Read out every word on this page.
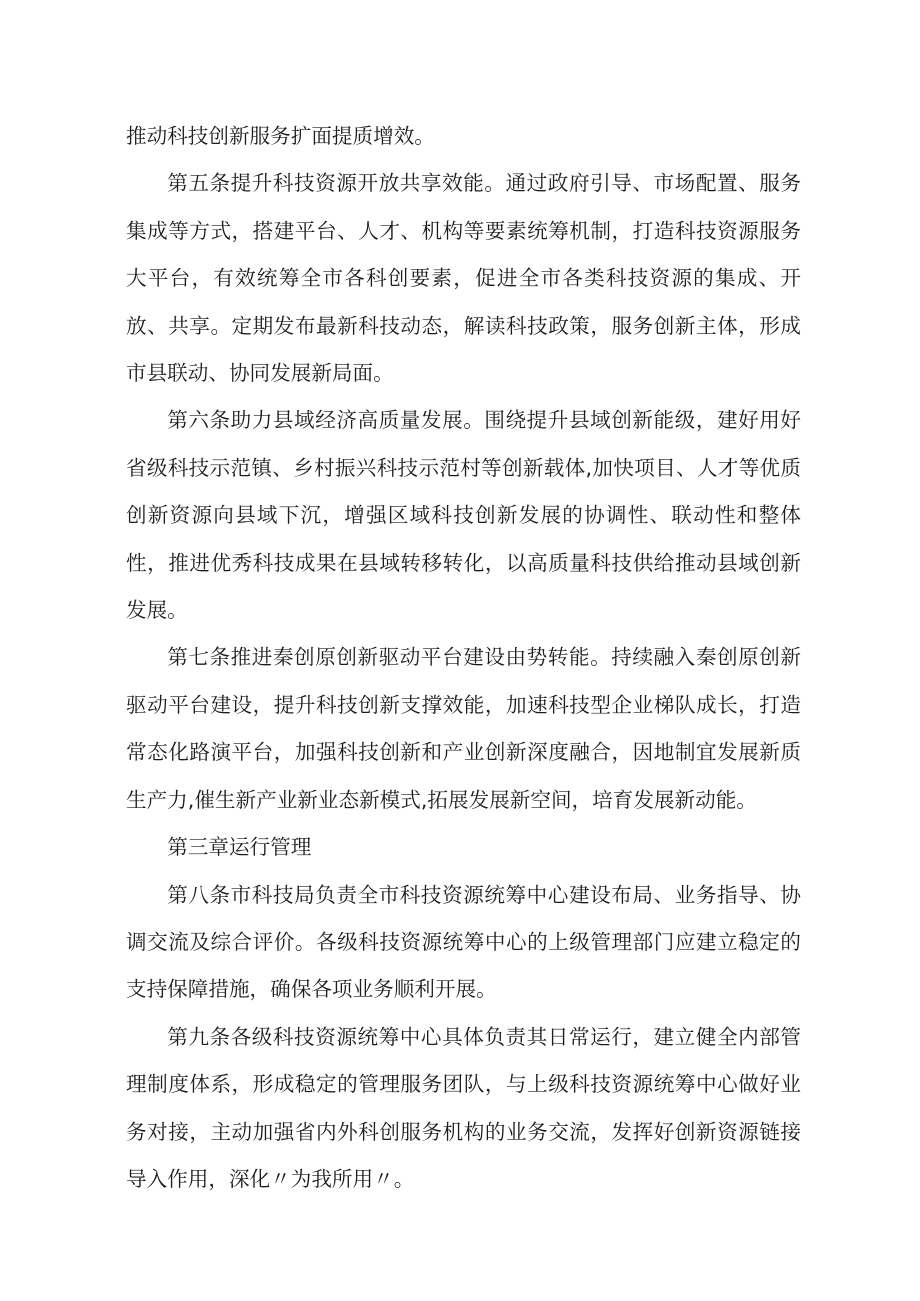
推动科技创新服务扩面提质增效。

第五条提升科技资源开放共享效能。通过政府引导、市场配置、服务集成等方式，搭建平台、人才、机构等要素统筹机制，打造科技资源服务大平台，有效统筹全市各科创要素，促进全市各类科技资源的集成、开放、共享。定期发布最新科技动态，解读科技政策，服务创新主体，形成市县联动、协同发展新局面。

第六条助力县域经济高质量发展。围绕提升县域创新能级，建好用好省级科技示范镇、乡村振兴科技示范村等创新载体,加快项目、人才等优质创新资源向县域下沉，增强区域科技创新发展的协调性、联动性和整体性，推进优秀科技成果在县域转移转化，以高质量科技供给推动县域创新发展。

第七条推进秦创原创新驱动平台建设由势转能。持续融入秦创原创新驱动平台建设，提升科技创新支撑效能，加速科技型企业梯队成长，打造常态化路演平台，加强科技创新和产业创新深度融合，因地制宜发展新质生产力,催生新产业新业态新模式,拓展发展新空间，培育发展新动能。

第三章运行管理

第八条市科技局负责全市科技资源统筹中心建设布局、业务指导、协调交流及综合评价。各级科技资源统筹中心的上级管理部门应建立稳定的支持保障措施，确保各项业务顺利开展。

第九条各级科技资源统筹中心具体负责其日常运行，建立健全内部管理制度体系，形成稳定的管理服务团队，与上级科技资源统筹中心做好业务对接，主动加强省内外科创服务机构的业务交流，发挥好创新资源链接导入作用，深化〃为我所用〃。
